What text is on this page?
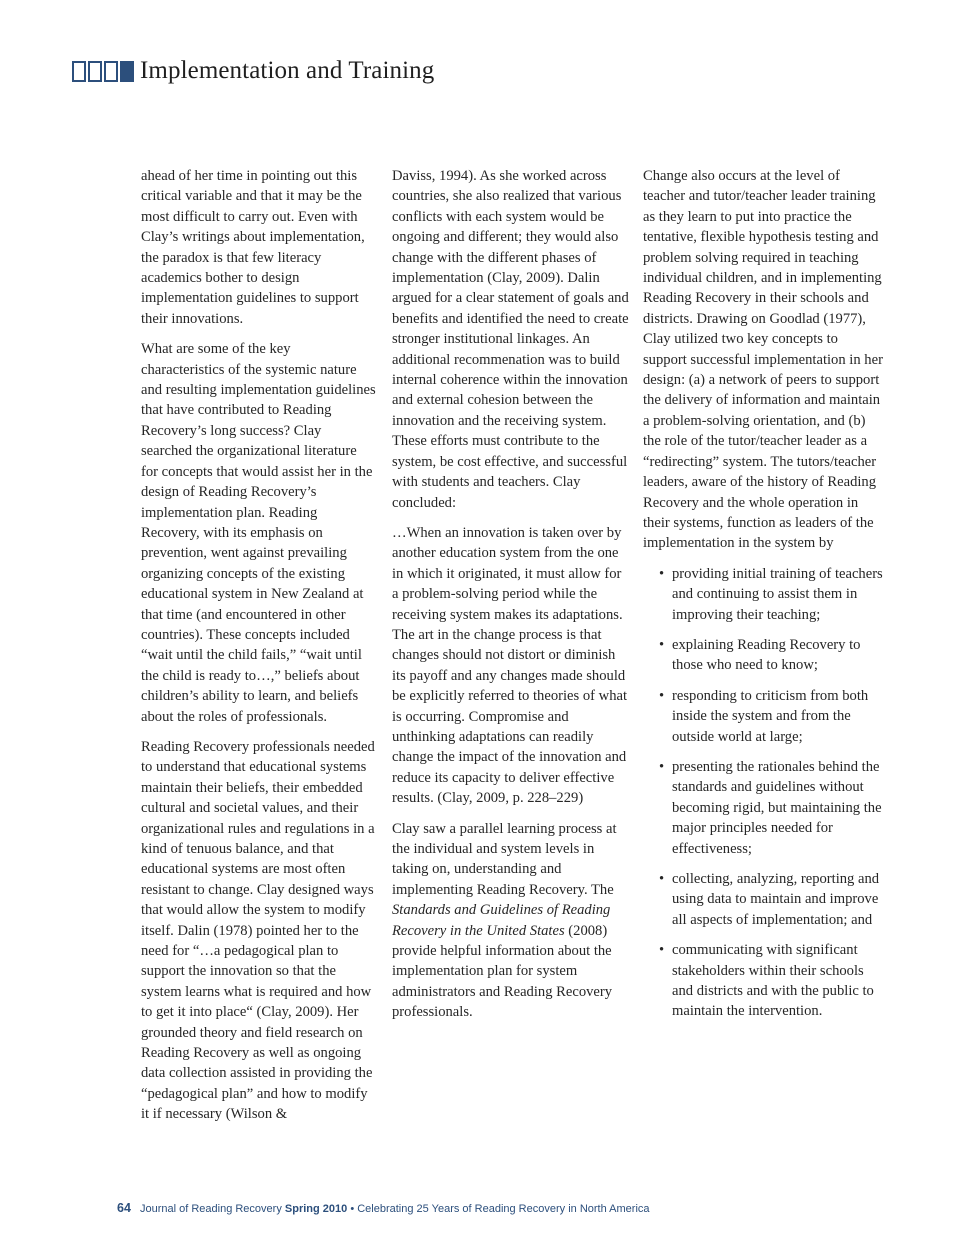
Implementation and Training

ahead of her time in pointing out this critical variable and that it may be the most difficult to carry out. Even with Clay’s writings about implementation, the paradox is that few literacy academics bother to design implementation guidelines to support their innovations.

What are some of the key characteristics of the systemic nature and resulting implementation guidelines that have contributed to Reading Recovery’s long success? Clay searched the organizational literature for concepts that would assist her in the design of Reading Recovery’s implementation plan. Reading Recovery, with its emphasis on prevention, went against prevailing organizing concepts of the existing educational system in New Zealand at that time (and encountered in other countries). These concepts included “wait until the child fails,” “wait until the child is ready to…,” beliefs about children’s ability to learn, and beliefs about the roles of professionals.

Reading Recovery professionals needed to understand that educational systems maintain their beliefs, their embedded cultural and societal values, and their organizational rules and regulations in a kind of tenuous balance, and that educational systems are most often resistant to change. Clay designed ways that would allow the system to modify itself. Dalin (1978) pointed her to the need for “…a pedagogical plan to support the innovation so that the system learns what is required and how to get it into place“ (Clay, 2009). Her grounded theory and field research on Reading Recovery as well as ongoing data collection assisted in providing the “pedagogical plan” and how to modify it if necessary (Wilson &

Daviss, 1994). As she worked across countries, she also realized that various conflicts with each system would be ongoing and different; they would also change with the different phases of implementation (Clay, 2009). Dalin argued for a clear statement of goals and benefits and identified the need to create stronger institutional linkages. An additional recommenation was to build internal coherence within the innovation and external cohesion between the innovation and the receiving system. These efforts must contribute to the system, be cost effective, and successful with students and teachers. Clay concluded:

…When an innovation is taken over by another education system from the one in which it originated, it must allow for a problem-solving period while the receiving system makes its adaptations. The art in the change process is that changes should not distort or diminish its payoff and any changes made should be explicitly referred to theories of what is occurring. Compromise and unthinking adaptations can readily change the impact of the innovation and reduce its capacity to deliver effective results. (Clay, 2009, p. 228–229)

Clay saw a parallel learning process at the individual and system levels in taking on, understanding and implementing Reading Recovery. The Standards and Guidelines of Reading Recovery in the United States (2008) provide helpful information about the implementation plan for system administrators and Reading Recovery professionals.

Change also occurs at the level of teacher and tutor/teacher leader training as they learn to put into practice the tentative, flexible hypothesis testing and problem solving required in teaching individual children, and in implementing Reading Recovery in their schools and districts. Drawing on Goodlad (1977), Clay utilized two key concepts to support successful implementation in her design: (a) a network of peers to support the delivery of information and maintain a problem-solving orientation, and (b) the role of the tutor/teacher leader as a “redirecting” system. The tutors/teacher leaders, aware of the history of Reading Recovery and the whole operation in their systems, function as leaders of the implementation in the system by

• providing initial training of teachers and continuing to assist them in improving their teaching;
• explaining Reading Recovery to those who need to know;
• responding to criticism from both inside the system and from the outside world at large;
• presenting the rationales behind the standards and guidelines without becoming rigid, but maintaining the major principles needed for effectiveness;
• collecting, analyzing, reporting and using data to maintain and improve all aspects of implementation; and
• communicating with significant stakeholders within their schools and districts and with the public to maintain the intervention.
64 Journal of Reading Recovery Spring 2010 • Celebrating 25 Years of Reading Recovery in North America
